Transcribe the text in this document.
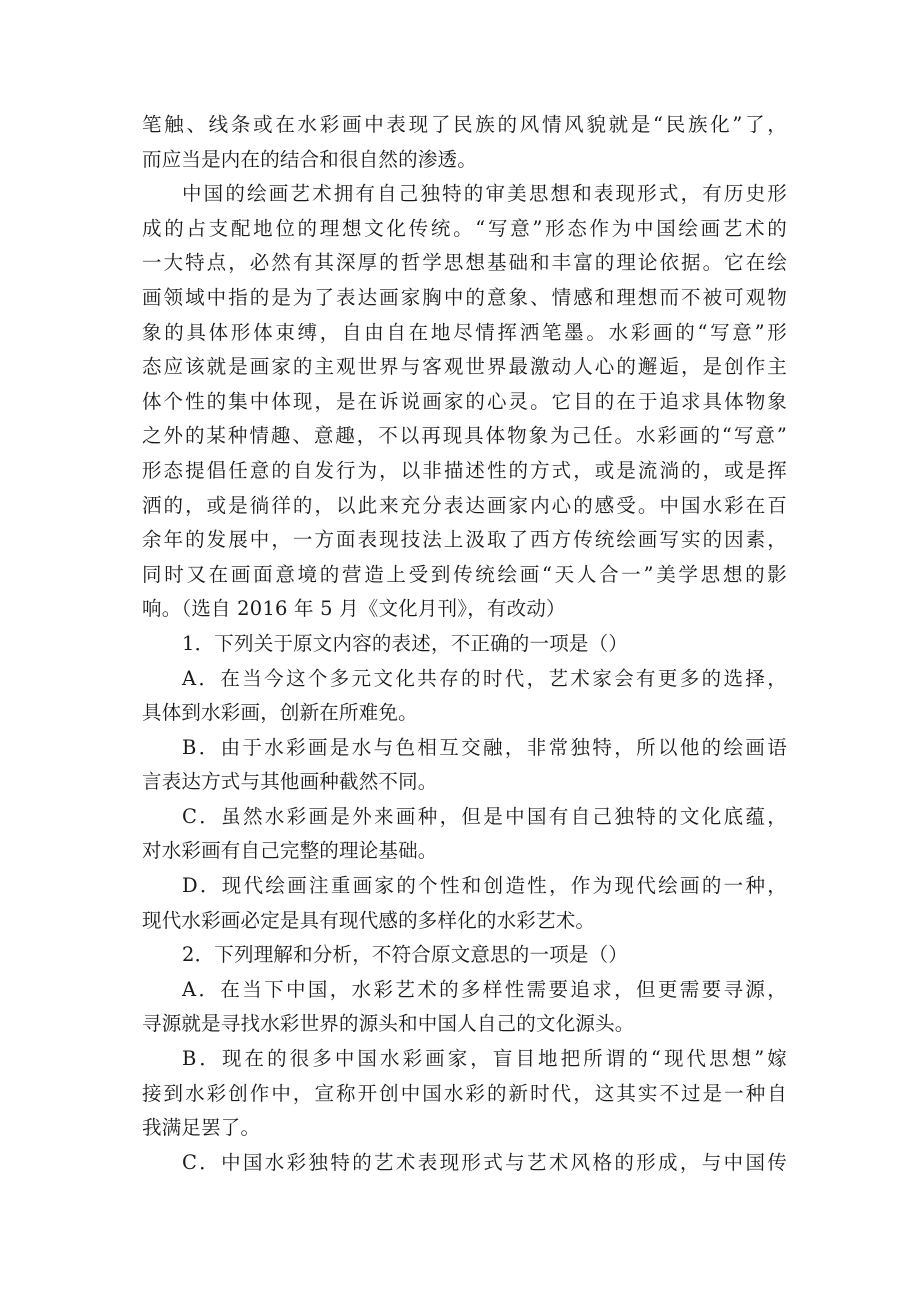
笔触、线条或在水彩画中表现了民族的风情风貌就是“民族化”了，
而应当是内在的结合和很自然的渗透。
中国的绘画艺术拥有自己独特的审美思想和表现形式，有历史形
成的占支配地位的理想文化传统。“写意”形态作为中国绘画艺术的
一大特点，必然有其深厚的哲学思想基础和丰富的理论依据。它在绘
画领域中指的是为了表达画家胸中的意象、情感和理想而不被可观物
象的具体形体束缚，自由自在地尽情挥洒笔墨。水彩画的“写意”形
态应该就是画家的主观世界与客观世界最激动人心的邂逅，是创作主
体个性的集中体现，是在诉说画家的心灵。它目的在于追求具体物象
之外的某种情趣、意趣，不以再现具体物象为己任。水彩画的“写意”
形态提倡任意的自发行为，以非描述性的方式，或是流淌的，或是挥
洒的，或是徜徉的，以此来充分表达画家内心的感受。中国水彩在百
余年的发展中，一方面表现技法上汲取了西方传统绘画写实的因素，
同时又在画面意境的营造上受到传统绘画“天人合一”美学思想的影
响。（选自 2016 年 5 月《文化月刊》，有改动）
1．下列关于原文内容的表述，不正确的一项是（）
A．在当今这个多元文化共存的时代，艺术家会有更多的选择，
具体到水彩画，创新在所难免。
B．由于水彩画是水与色相互交融，非常独特，所以他的绘画语
言表达方式与其他画种截然不同。
C．虽然水彩画是外来画种，但是中国有自己独特的文化底蕴，
对水彩画有自己完整的理论基础。
D．现代绘画注重画家的个性和创造性，作为现代绘画的一种，
现代水彩画必定是具有现代感的多样化的水彩艺术。
2．下列理解和分析，不符合原文意思的一项是（）
A．在当下中国，水彩艺术的多样性需要追求，但更需要寻源，
寻源就是寻找水彩世界的源头和中国人自己的文化源头。
B．现在的很多中国水彩画家，盲目地把所谓的“现代思想”嫁
接到水彩创作中，宣称开创中国水彩的新时代，这其实不过是一种自
我满足罢了。
C．中国水彩独特的艺术表现形式与艺术风格的形成，与中国传
